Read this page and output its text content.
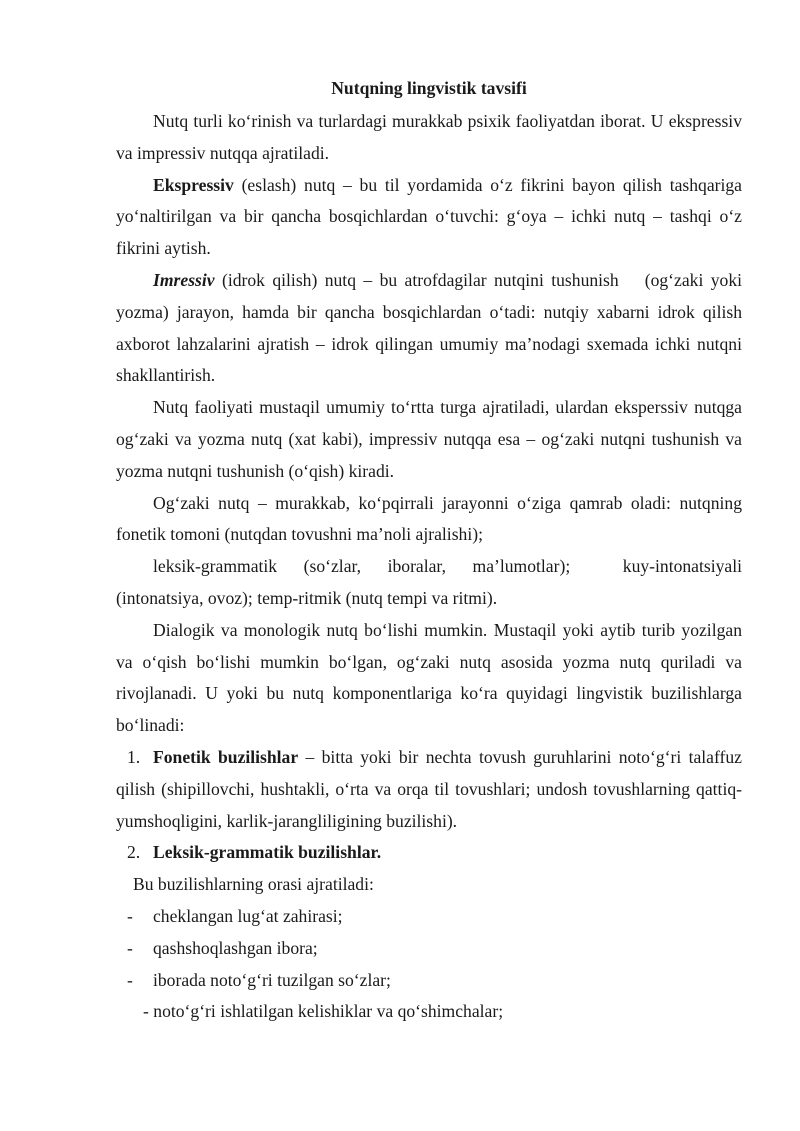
Nutqning lingvistik tavsifi

Nutq turli ko‘rinish va turlardagi murakkab psixik faoliyatdan iborat. U ekspressiv va impressiv nutqqa ajratiladi.

Ekspressiv (eslash) nutq – bu til yordamida o‘z fikrini bayon qilish tashqariga yo‘naltirilgan va bir qancha bosqichlardan o‘tuvchi: g‘oya – ichki nutq – tashqi o‘z fikrini aytish.

Imressiv (idrok qilish) nutq – bu atrofdagilar nutqini tushunish (og‘zaki yoki yozma) jarayon, hamda bir qancha bosqichlardan o‘tadi: nutqiy xabarni idrok qilish axborot lahzalarini ajratish – idrok qilingan umumiy ma’nodagi sxemada ichki nutqni shakllantirish.

Nutq faoliyati mustaqil umumiy to‘rtta turga ajratiladi, ulardan eksperssiv nutqga og‘zaki va yozma nutq (xat kabi), impressiv nutqqa esa – og‘zaki nutqni tushunish va yozma nutqni tushunish (o‘qish) kiradi.

Og‘zaki nutq – murakkab, ko‘pqirrali jarayonni o‘ziga qamrab oladi: nutqning fonetik tomoni (nutqdan tovushni ma’noli ajralishi);

leksik-grammatik (so‘zlar, iboralar, ma’lumotlar);	kuy-intonatsiyali (intonatsiya, ovoz); temp-ritmik (nutq tempi va ritmi).

Dialogik va monologik nutq bo‘lishi mumkin. Mustaqil yoki aytib turib yozilgan va o‘qish bo‘lishi mumkin bo‘lgan, og‘zaki nutq asosida yozma nutq quriladi va rivojlanadi. U yoki bu nutq komponentlariga ko‘ra quyidagi lingvistik buzilishlarga bo‘linadi:

1. Fonetik buzilishlar – bitta yoki bir nechta tovush guruhlarini noto‘g‘ri talaffuz qilish (shipillovchi, hushtakli, o‘rta va orqa til tovushlari; undosh tovushlarning qattiq-yumshoqligini, karlik-jarangliligining buzilishi).

2. Leksik-grammatik buzilishlar.

Bu buzilishlarning orasi ajratiladi:

- cheklangan lug‘at zahirasi;

- qashshoqlashgan ibora;

- iborada noto‘g‘ri tuzilgan so‘zlar;

- noto‘g‘ri ishlatilgan kelishiklar va qo‘shimchalar;
